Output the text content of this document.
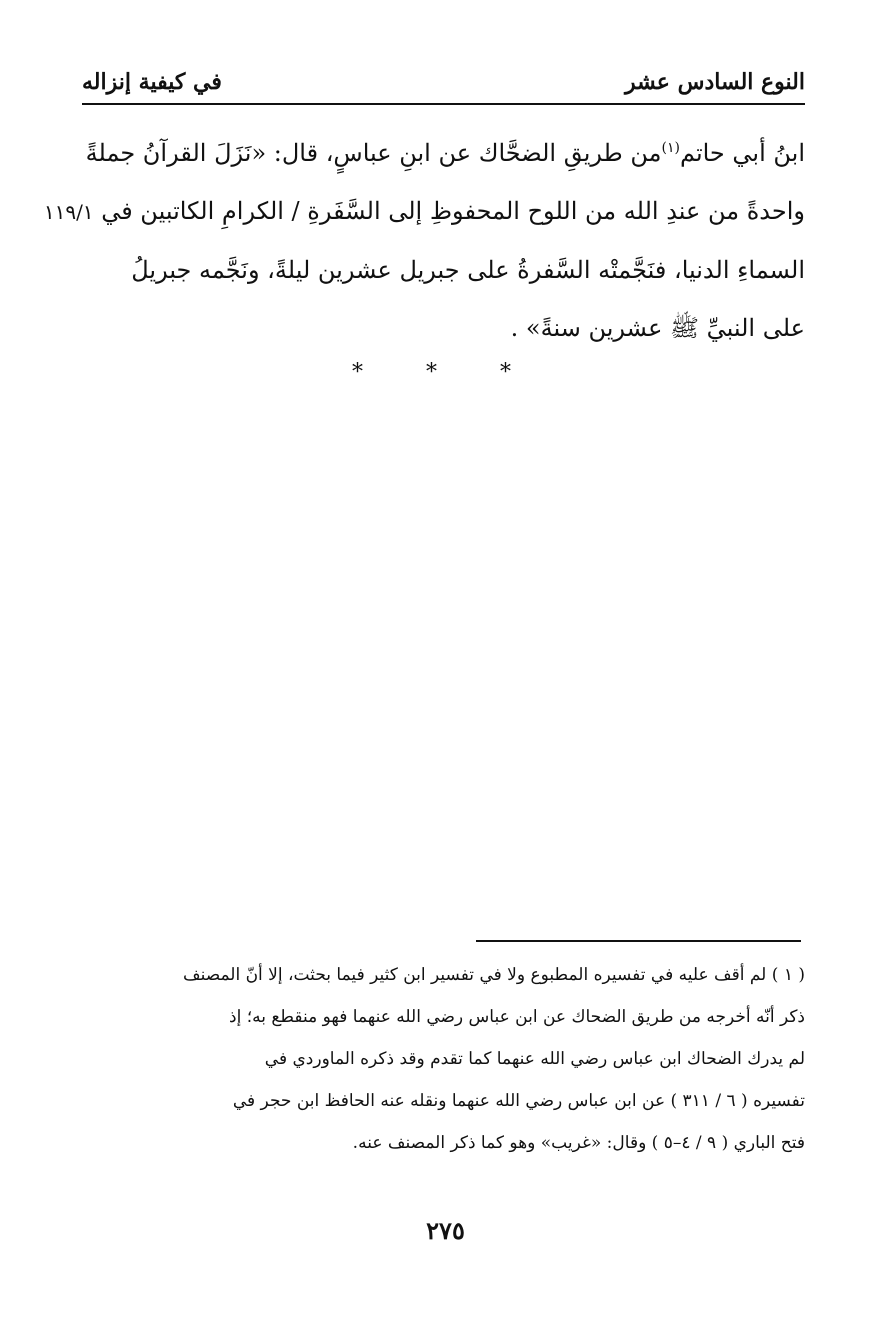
النوع السادس عشر
في كيفية إنزاله
ابنُ أبي حاتم$^{(١)}$من طريقِ الضحَّاك عن ابنِ عباسٍ، قال: «نَزَلَ القرآنُ جملةً
واحدةً من عندِ الله من اللوح المحفوظِ إلى السَّفَرةِ / الكرامِ الكاتبين في ١١٩/١
السماءِ الدنيا، فنَجَّمتْه السَّفرةُ على جبريل عشرين ليلةً، ونَجَّمه جبريلُ
على النبيِّ ﷺ عشرين سنةً» .
* * *
( ١ ) لم أقف عليه في تفسيره المطبوع ولا في تفسير ابن كثير فيما بحثت، إلا أنّ المصنف
ذكر أنّه أخرجه من طريق الضحاك عن ابن عباس رضي الله عنهما فهو منقطع به؛ إذ
لم يدرك الضحاك ابن عباس رضي الله عنهما كما تقدم وقد ذكره الماوردي في
تفسيره ( ٦ / ٣١١ ) عن ابن عباس رضي الله عنهما ونقله عنه الحافظ ابن حجر في
فتح الباري ( ٩ / ٤–٥ ) وقال: «غريب» وهو كما ذكر المصنف عنه.
٢٧٥
